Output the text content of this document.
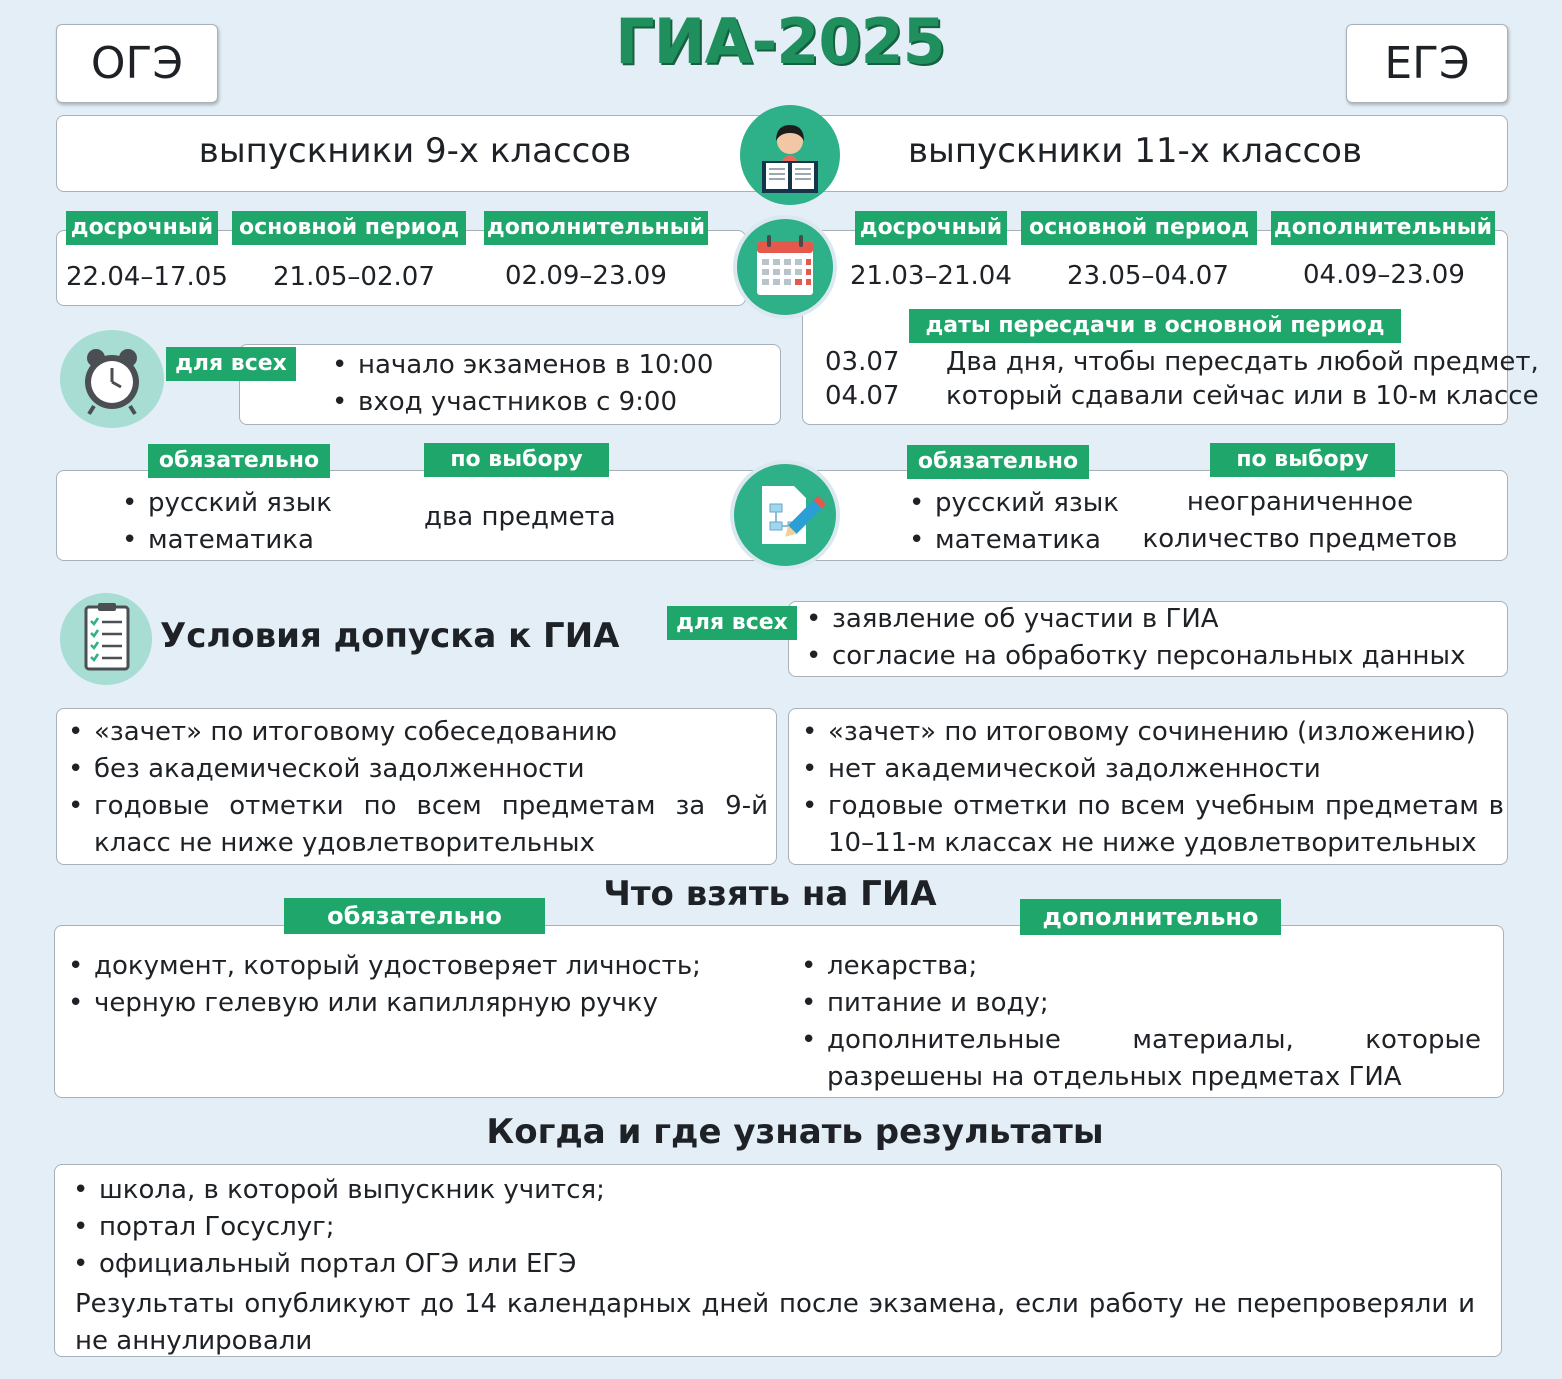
ГИА-2025
ОГЭ	ЕГЭ
выпускники 9-х классов	выпускники 11-х классов
досрочный	основной период	дополнительный
22.04–17.05 21.05–02.07	02.09–23.09
досрочный	основной период	дополнительный
21.03–21.04 23.05–04.07	04.09–23.09
даты пересдачи в основной период
03.07
04.07
Два дня, чтобы пересдать любой предмет,
который сдавали сейчас или в 10-м классе
для всех	• начало экзаменов в 10:00
• вход участников с 9:00
обязательно	по выбору	обязательно	по выбору
• русский язык
• математика
два предмета	• русский язык
• математика
неограниченное
количество предметов
Условия допуска к ГИА	для всех	• заявление об участии в ГИА
• согласие на обработку персональных данных
• «зачет» по итоговому собеседованию
• без академической задолженности
• годовые отметки по всем предметам за 9-й класс не ниже удовлетворительных
• «зачет» по итоговому сочинению (изложению)
• нет академической задолженности
• годовые отметки по всем учебным предметам в 10–11-м классах не ниже удовлетворительных
Что взять на ГИА
обязательно	дополнительно
• документ, который удостоверяет личность;
• черную гелевую или капиллярную ручку
• лекарства;
• питание и воду;
• дополнительные материалы, которые разрешены на отдельных предметах ГИА
Когда и где узнать результаты
• школа, в которой выпускник учится;
• портал Госуслуг;
• официальный портал ОГЭ или ЕГЭ
Результаты опубликуют до 14 календарных дней после экзамена, если работу не перепроверяли и не аннулировали
